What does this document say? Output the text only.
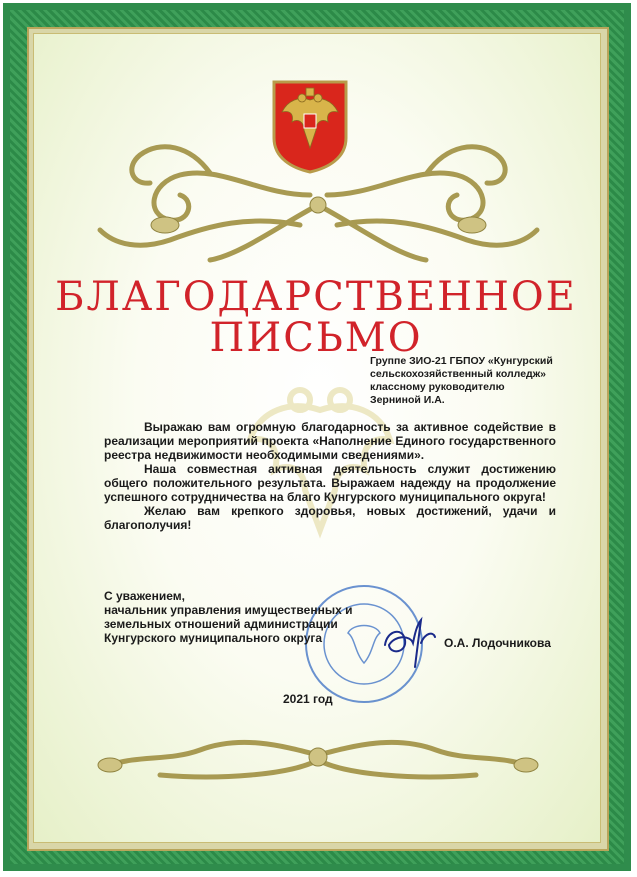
БЛАГОДАРСТВЕННОЕ
ПИСЬМО
Группе ЗИО-21 ГБПОУ «Кунгурский
сельскохозяйственный колледж»
классному руководителю
Зерниной И.А.

Выражаю вам огромную благодарность за активное содействие в реализации мероприятий проекта «Наполнение Единого государственного реестра недвижимости необходимыми сведениями».

Наша совместная активная деятельность служит достижению общего положительного результата. Выражаем надежду на продолжение успешного сотрудничества на благо Кунгурского муниципального округа!

Желаю вам крепкого здоровья, новых достижений, удачи и благополучия!

С уважением,
начальник управления имущественных и
земельных отношений администрации
Кунгурского муниципального округа	О.А. Лодочникова
2021 год
